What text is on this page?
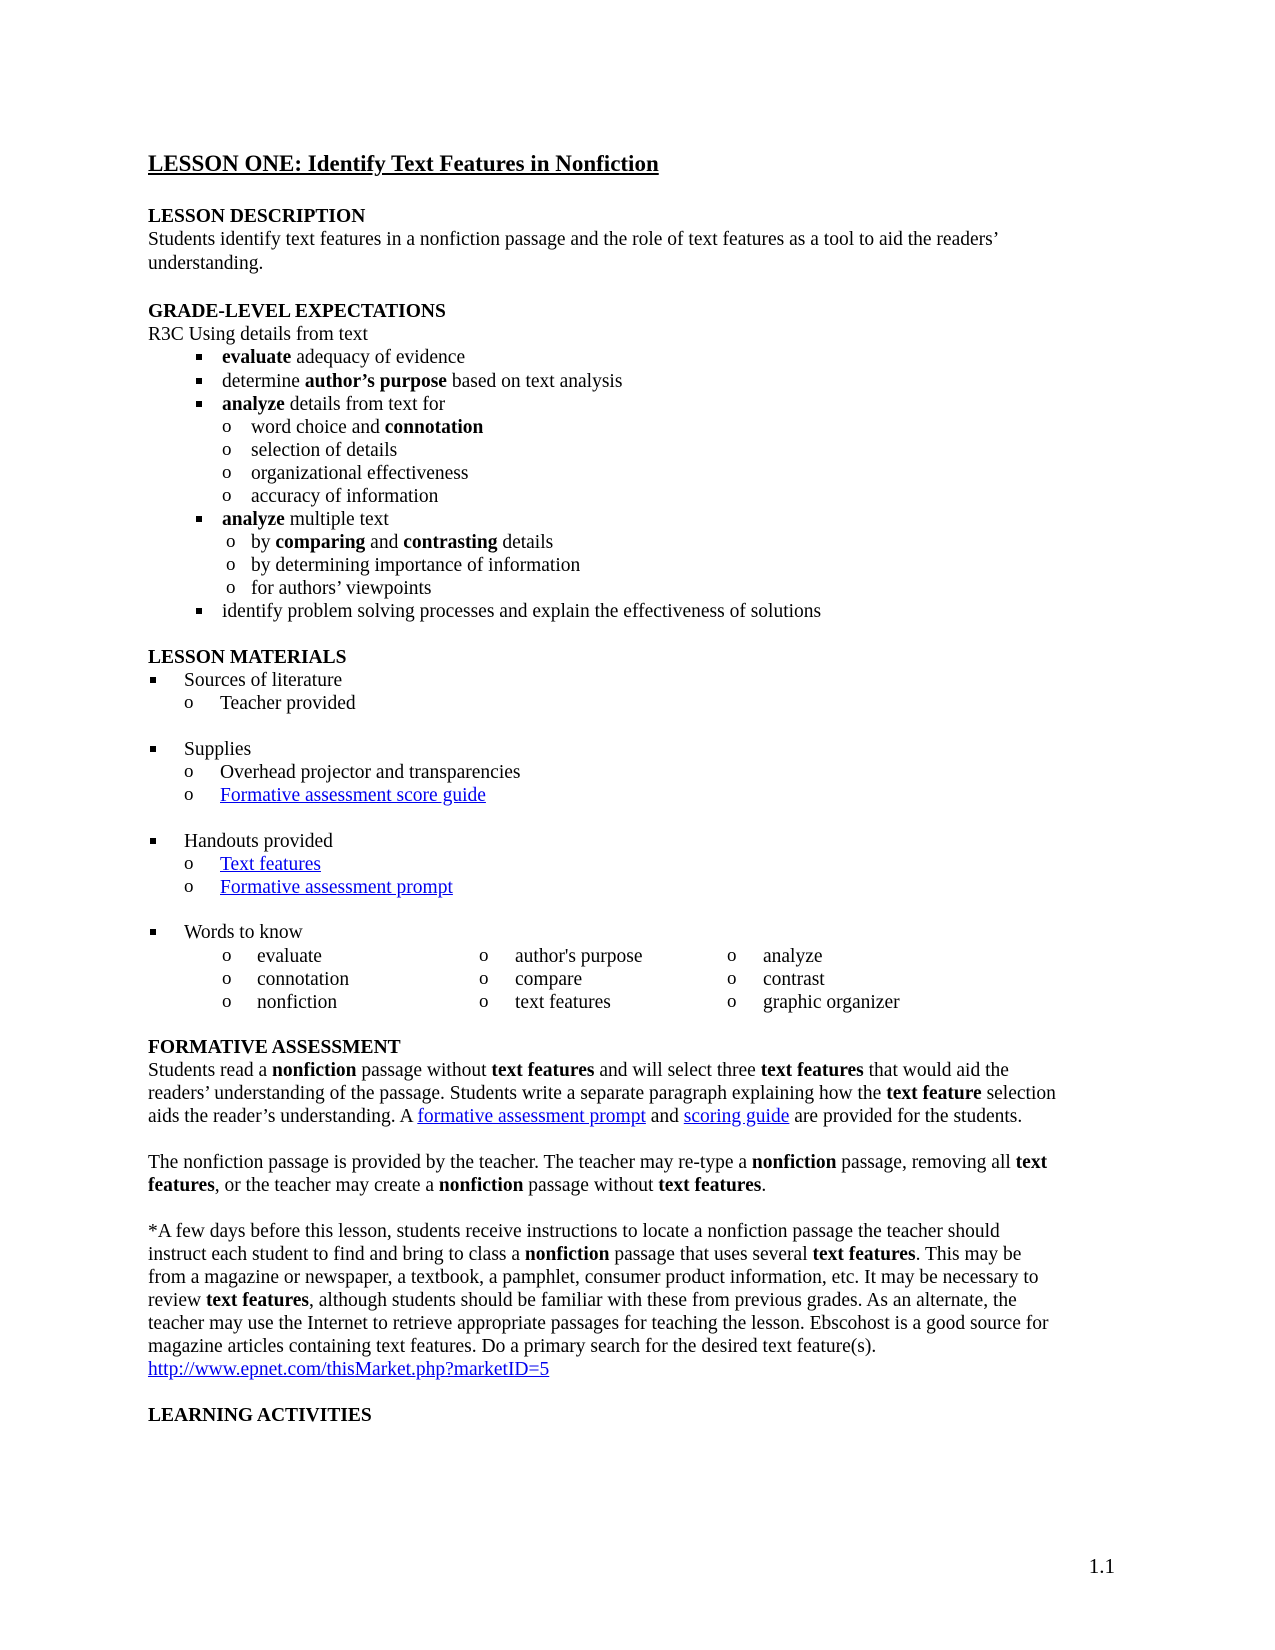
LESSON ONE: Identify Text Features in Nonfiction
LESSON DESCRIPTION
Students identify text features in a nonfiction passage and the role of text features as a tool to aid the readers’
understanding.
GRADE-LEVEL EXPECTATIONS
R3C Using details from text
evaluate adequacy of evidence
determine author’s purpose based on text analysis
analyze details from text for
o word choice and connotation
o selection of details
o organizational effectiveness
o accuracy of information
analyze multiple text
o by comparing and contrasting details
o by determining importance of information
o for authors’ viewpoints
identify problem solving processes and explain the effectiveness of solutions
LESSON MATERIALS
Sources of literature
o Teacher provided
Supplies
o Overhead projector and transparencies
o Formative assessment score guide
Handouts provided
o Text features
o Formative assessment prompt
Words to know
o evaluate
o connotation
o nonfiction
o author's purpose
o compare
o text features
o analyze
o contrast
o graphic organizer
FORMATIVE ASSESSMENT
Students read a nonfiction passage without text features and will select three text features that would aid the
readers’ understanding of the passage. Students write a separate paragraph explaining how the text feature selection
aids the reader’s understanding. A formative assessment prompt and scoring guide are provided for the students.
The nonfiction passage is provided by the teacher. The teacher may re-type a nonfiction passage, removing all text
features, or the teacher may create a nonfiction passage without text features.
*A few days before this lesson, students receive instructions to locate a nonfiction passage the teacher should
instruct each student to find and bring to class a nonfiction passage that uses several text features. This may be
from a magazine or newspaper, a textbook, a pamphlet, consumer product information, etc. It may be necessary to
review text features, although students should be familiar with these from previous grades. As an alternate, the
teacher may use the Internet to retrieve appropriate passages for teaching the lesson. Ebscohost is a good source for
magazine articles containing text features. Do a primary search for the desired text feature(s).
http://www.epnet.com/thisMarket.php?marketID=5
LEARNING ACTIVITIES
1.1
